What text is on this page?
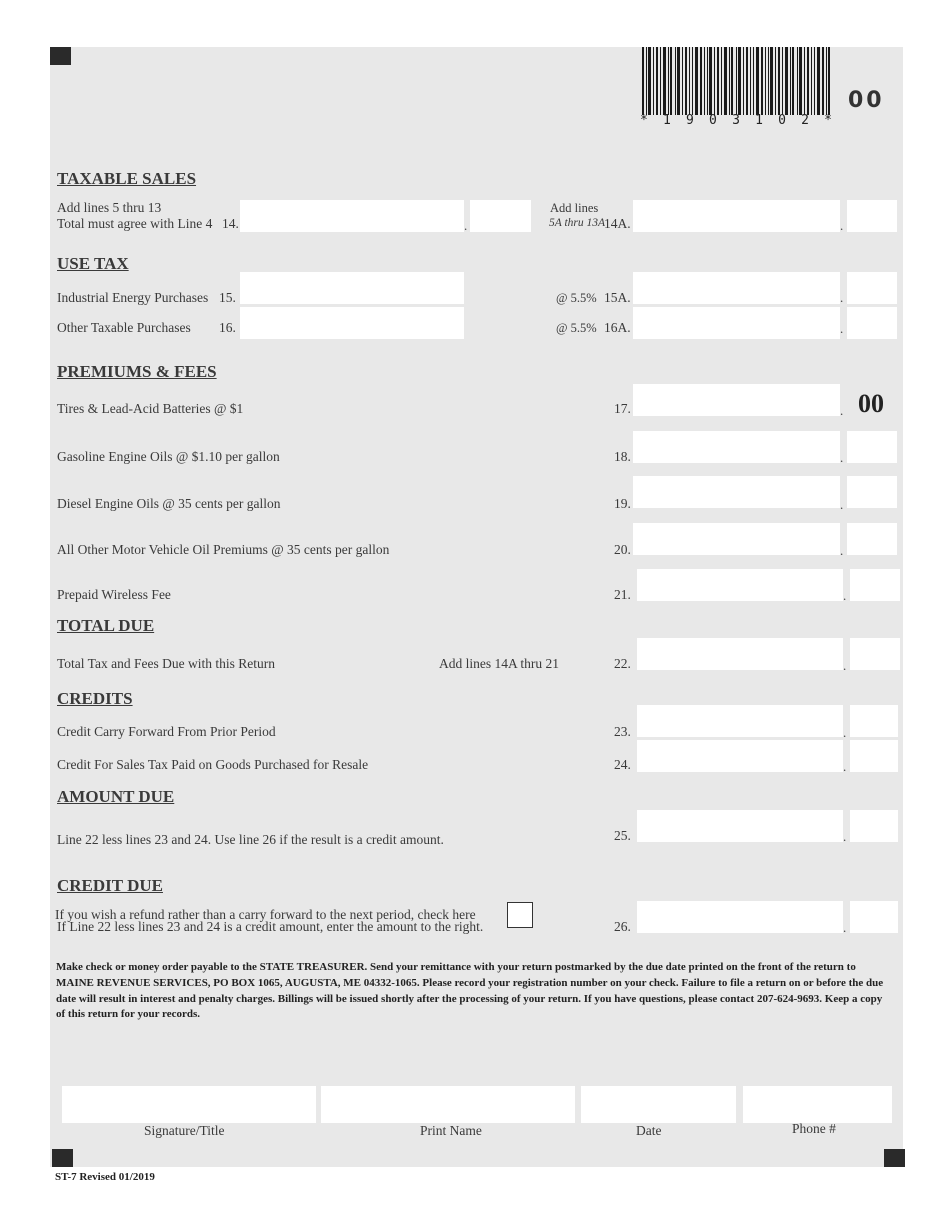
* 1 9 0 3 1 0 2 *
00
TAXABLE SALES
Add lines 5 thru 13
Total must agree with Line 4 14.	.
Add lines
5A thru 13A
14A.	.
USE TAX
Industrial Energy Purchases 15.	@ 5.5% 15A.	.
Other Taxable Purchases 16.	@ 5.5% 16A.	.
PREMIUMS & FEES
Tires & Lead-Acid Batteries @ $1	17.	. 00
Gasoline Engine Oils @ $1.10 per gallon	18.	.
Diesel Engine Oils @ 35 cents per gallon	19.	.
All Other Motor Vehicle Oil Premiums @ 35 cents per gallon	20.	.
Prepaid Wireless Fee	21.	.
TOTAL DUE
Total Tax and Fees Due with this Return	Add lines 14A thru 21	22.	.
CREDITS
Credit Carry Forward From Prior Period	23.	.
Credit For Sales Tax Paid on Goods Purchased for Resale	24.	.
AMOUNT DUE
Line 22 less lines 23 and 24. Use line 26 if the result is a credit amount.	25.	.
CREDIT DUE
If you wish a refund rather than a carry forward to the next period, check here
If Line 22 less lines 23 and 24 is a credit amount, enter the amount to the right.	26.	.
Make check or money order payable to the STATE TREASURER. Send your remittance with your return postmarked by the due date printed on the front of the return to MAINE REVENUE SERVICES, PO BOX 1065, AUGUSTA, ME 04332-1065. Please record your registration number on your check. Failure to file a return on or before the due date will result in interest and penalty charges. Billings will be issued shortly after the processing of your return. If you have questions, please contact 207-624-9693. Keep a copy of this return for your records.
Signature/Title	Print Name	Date	Phone #
ST-7 Revised 01/2019
